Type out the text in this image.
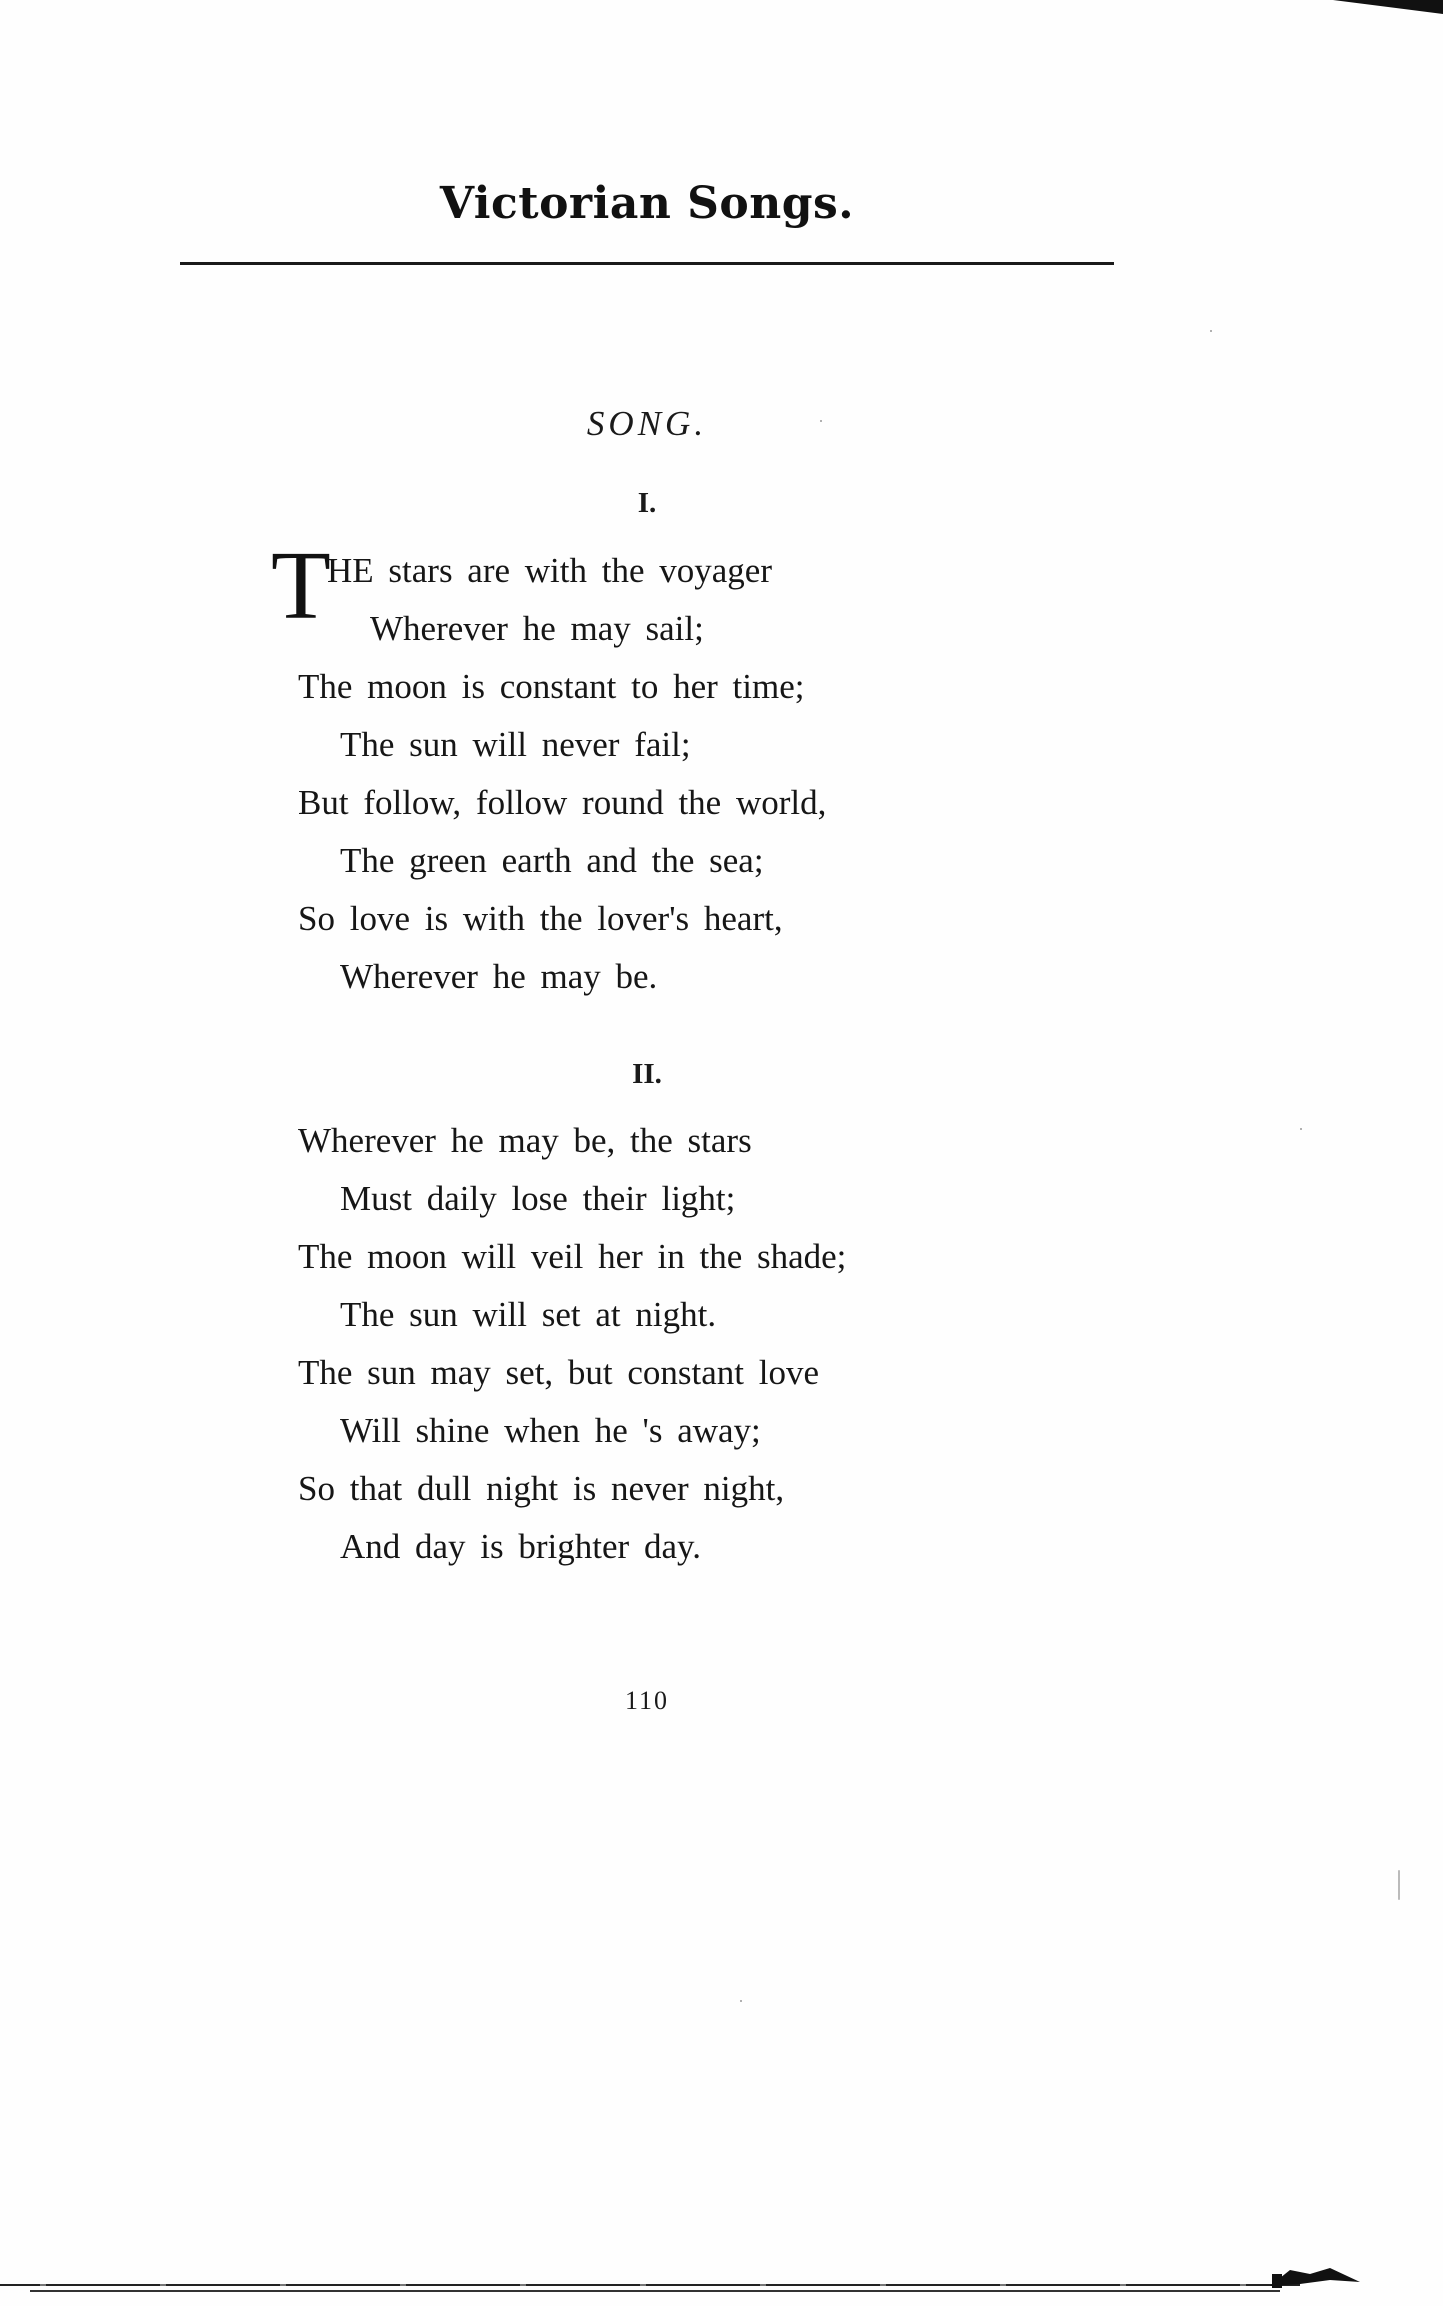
Victorian Songs.
SONG.
I.
T
HE stars are with the voyager
Wherever he may sail;
The moon is constant to her time;
The sun will never fail;
But follow, follow round the world,
The green earth and the sea;
So love is with the lover's heart,
Wherever he may be.
II.
Wherever he may be, the stars
Must daily lose their light;
The moon will veil her in the shade;
The sun will set at night.
The sun may set, but constant love
Will shine when he 's away;
So that dull night is never night,
And day is brighter day.
110
